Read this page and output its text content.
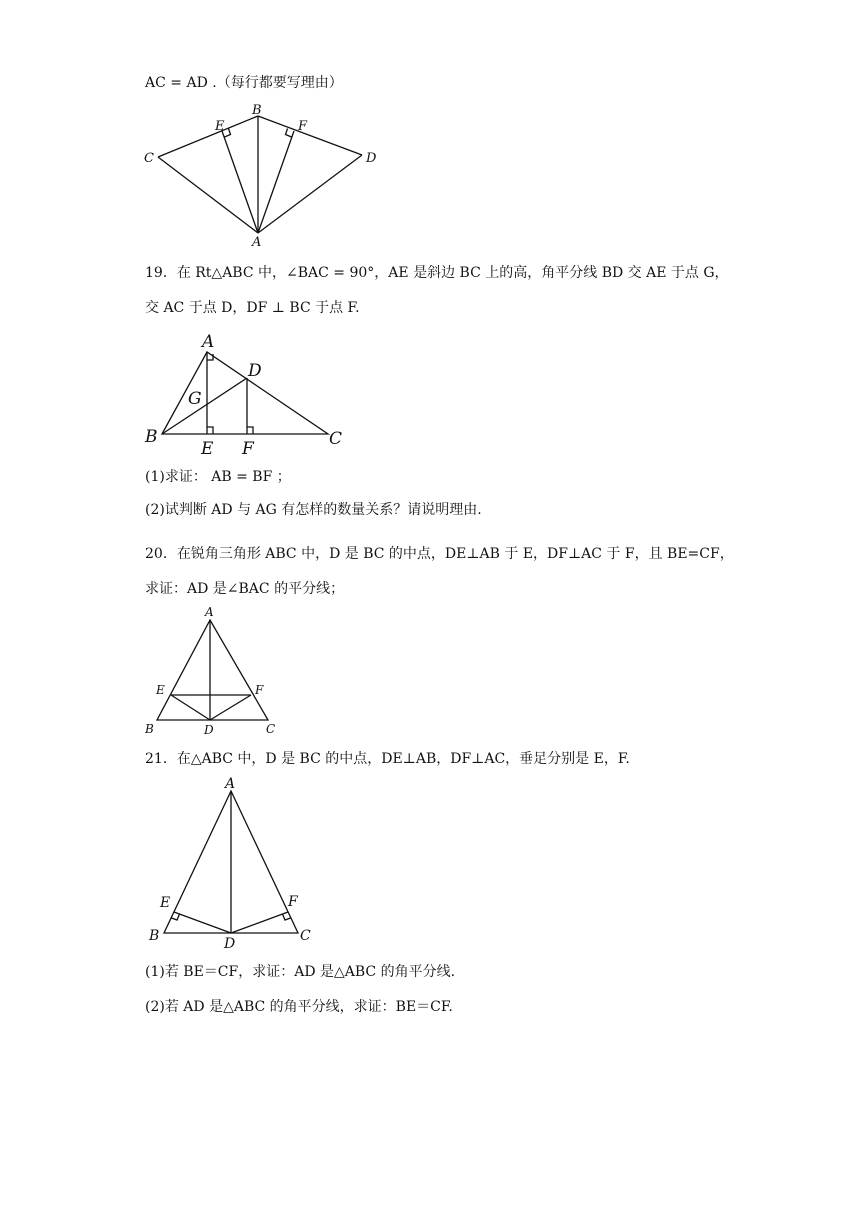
AC = AD .（每行都要写理由）
C
E
B
F
D
A
19．在 Rt△ABC 中，∠BAC = 90°，AE 是斜边 BC 上的高，角平分线 BD 交 AE 于点 G，
交 AC 于点 D，DF ⊥ BC 于点 F.
A
D
G
B
E F	C
(1)求证： AB = BF ；
(2)试判断 AD 与 AG 有怎样的数量关系？请说明理由.
20．在锐角三角形 ABC 中，D 是 BC 的中点，DE⊥AB 于 E，DF⊥AC 于 F，且 BE=CF，
求证：AD 是∠BAC 的平分线；
A
E	F
B	D	C
21．在△ABC 中，D 是 BC 的中点，DE⊥AB，DF⊥AC，垂足分别是 E，F.
A
E	F
B	D	C
(1)若 BE＝CF，求证：AD 是△ABC 的角平分线.
(2)若 AD 是△ABC 的角平分线，求证：BE＝CF.
